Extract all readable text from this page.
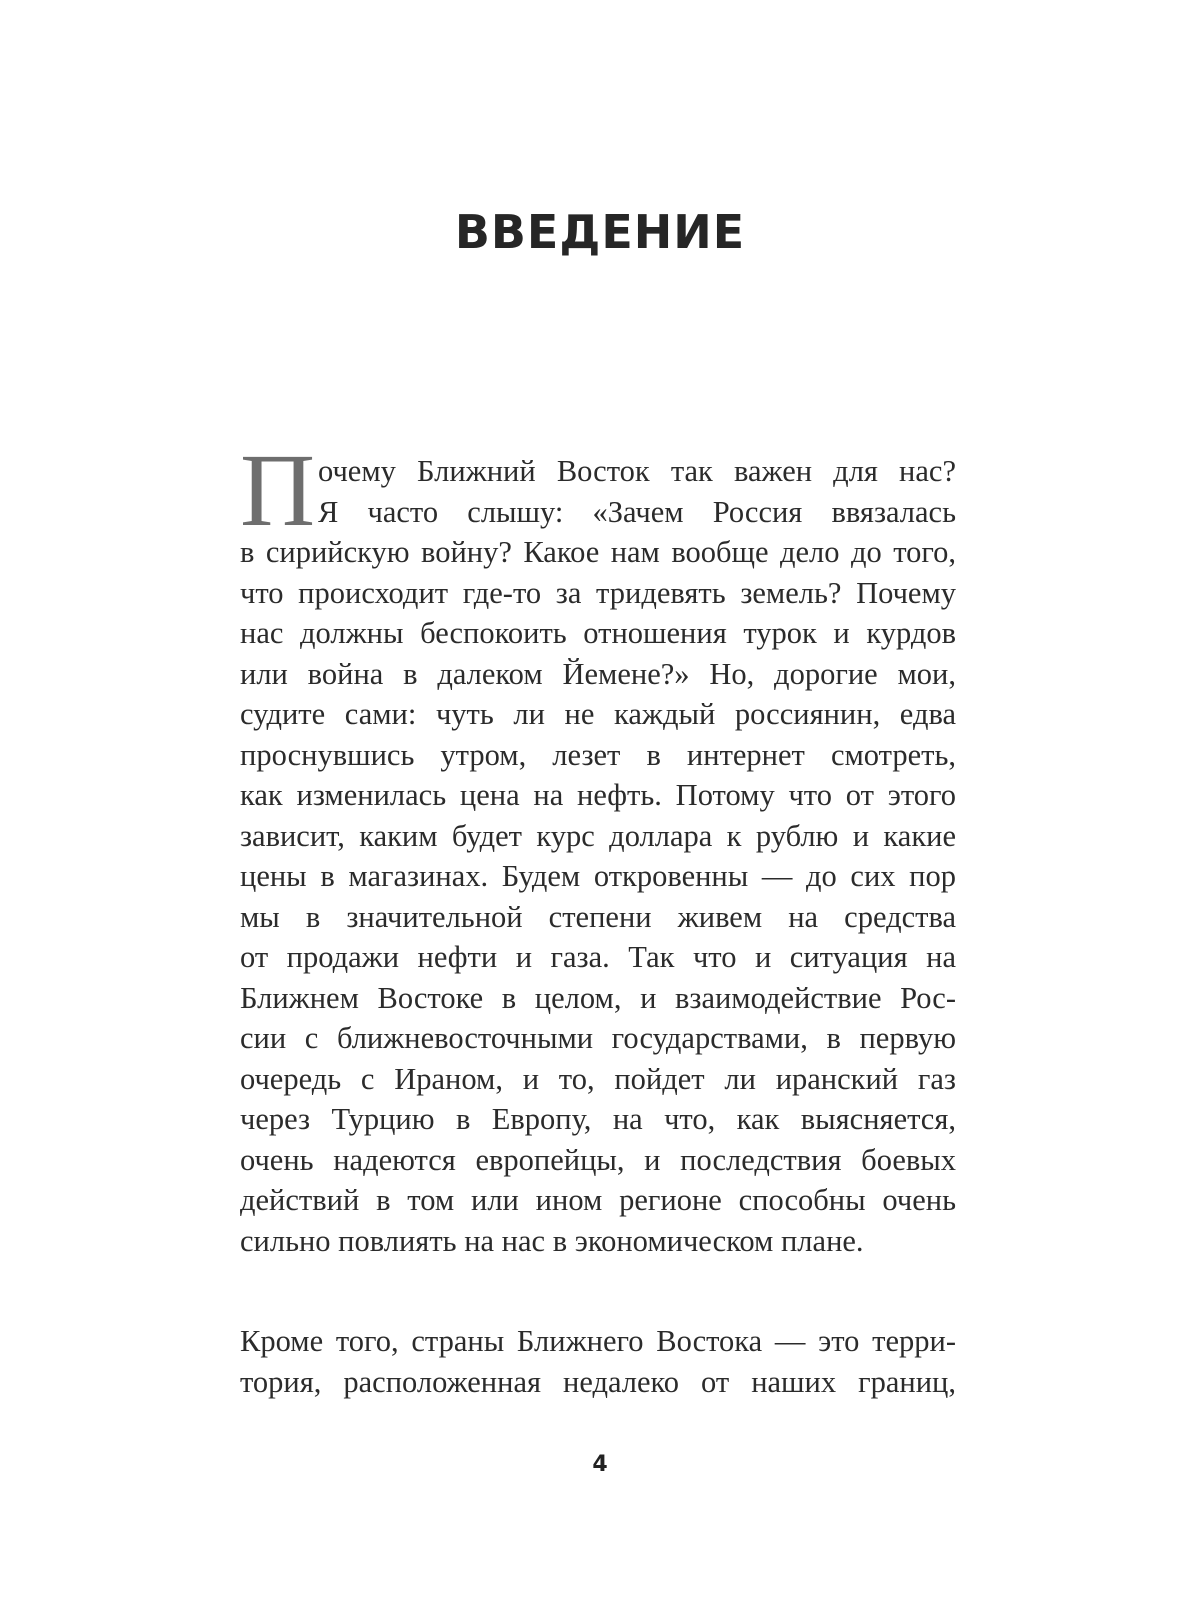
ВВЕДЕНИЕ
П очему Ближний Восток так важен для нас?
Я часто слышу: «Зачем Россия ввязалась
в сирийскую войну? Какое нам вообще дело до того,
что происходит где-то за тридевять земель? Почему
нас должны беспокоить отношения турок и курдов
или война в далеком Йемене?» Но, дорогие мои,
судите сами: чуть ли не каждый россиянин, едва
проснувшись утром, лезет в интернет смотреть,
как изменилась цена на нефть. Потому что от этого
зависит, каким будет курс доллара к рублю и какие
цены в магазинах. Будем откровенны — до сих пор
мы в значительной степени живем на средства
от продажи нефти и газа. Так что и ситуация на
Ближнем Востоке в целом, и взаимодействие Рос-
сии с ближневосточными государствами, в первую
очередь с Ираном, и то, пойдет ли иранский газ
через Турцию в Европу, на что, как выясняется,
очень надеются европейцы, и последствия боевых
действий в том или ином регионе способны очень
сильно повлиять на нас в экономическом плане.
Кроме того, страны Ближнего Востока — это терри-
тория, расположенная недалеко от наших границ,
4
